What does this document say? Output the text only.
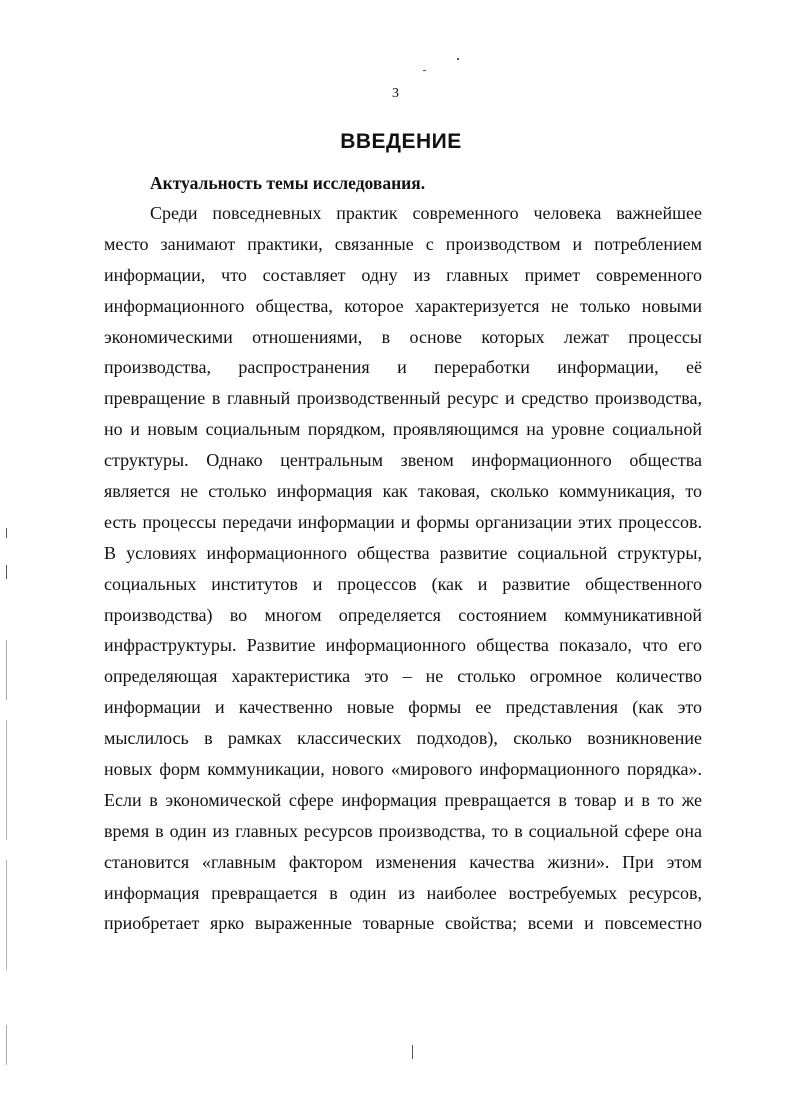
3
ВВЕДЕНИЕ
Актуальность темы исследования.
Среди повседневных практик современного человека важнейшее
место занимают практики, связанные с производством и потреблением
информации, что составляет одну из главных примет современного
информационного общества, которое характеризуется не только новыми
экономическими отношениями, в основе которых лежат процессы
производства, распространения и переработки информации, её
превращение в главный производственный ресурс и средство производства,
но и новым социальным порядком, проявляющимся на уровне социальной
структуры. Однако центральным звеном информационного общества
является не столько информация как таковая, сколько коммуникация, то
есть процессы передачи информации и формы организации этих процессов.
В условиях информационного общества развитие социальной структуры,
социальных институтов и процессов (как и развитие общественного
производства) во многом определяется состоянием коммуникативной
инфраструктуры. Развитие информационного общества показало, что его
определяющая характеристика это – не столько огромное количество
информации и качественно новые формы ее представления (как это
мыслилось в рамках классических подходов), сколько возникновение
новых форм коммуникации, нового «мирового информационного порядка».
Если в экономической сфере информация превращается в товар и в то же
время в один из главных ресурсов производства, то в социальной сфере она
становится «главным фактором изменения качества жизни». При этом
информация превращается в один из наиболее востребуемых ресурсов,
приобретает ярко выраженные товарные свойства; всеми и повсеместно
